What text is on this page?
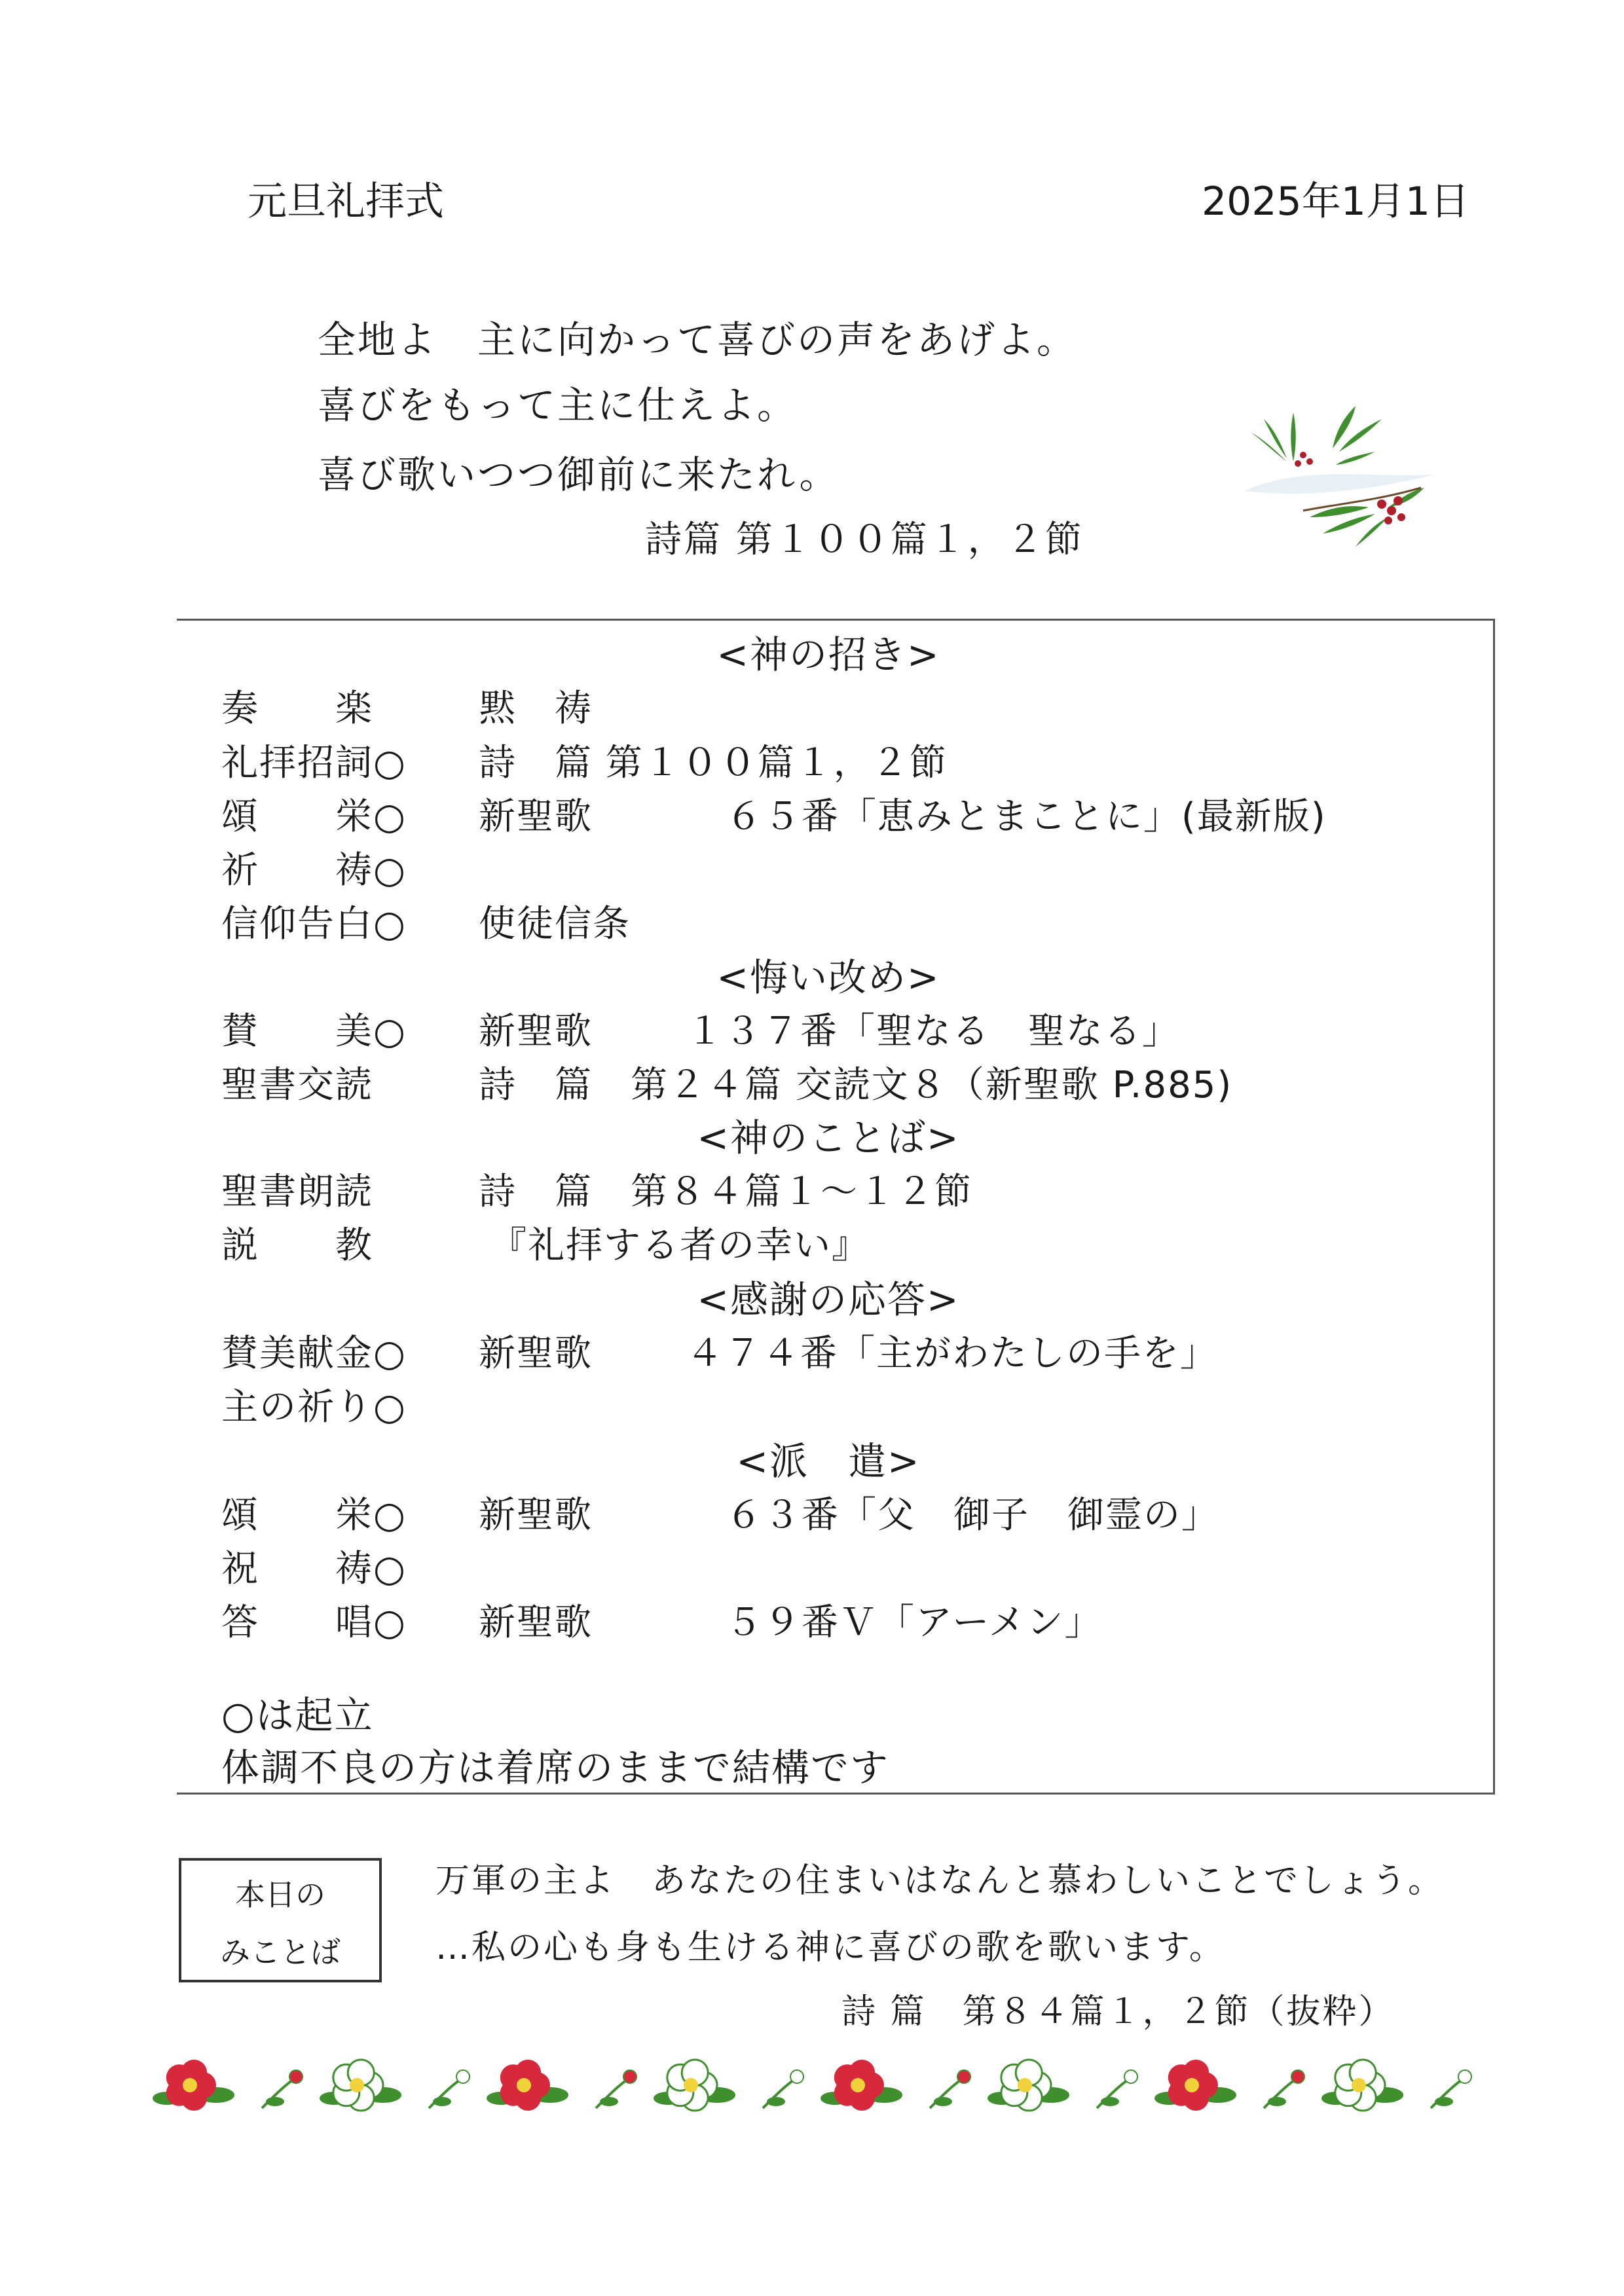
元旦礼拝式	2025年1月1日
全地よ　主に向かって喜びの声をあげよ。
喜びをもって主に仕えよ。
喜び歌いつつ御前に来たれ。
詩篇 第１００篇１，２節
<神の招き>
奏　　楽	黙　祷
礼拝招詞○ 詩　篇 第１００篇１，２節
頌　　栄○ 新聖歌	６５番「恵みとまことに」(最新版)
祈　　祷○
信仰告白○ 使徒信条
<悔い改め>
賛　　美○ 新聖歌	１３７番「聖なる　聖なる」
聖書交読	詩　篇　第２４篇 交読文８（新聖歌 P.885)
<神のことば>
聖書朗読	詩　篇　第８４篇１～１２節
説　　教	『礼拝する者の幸い』
<感謝の応答>
賛美献金○ 新聖歌	４７４番「主がわたしの手を」
主の祈り○
<派　遣>
頌　　栄○ 新聖歌	６３番「父　御子　御霊の」
祝　　祷○
答　　唱○ 新聖歌	５９番Ｖ「アーメン」
○は起立
体調不良の方は着席のままで結構です
本日の
みことば
万軍の主よ　あなたの住まいはなんと慕わしいことでしょう。
…私の心も身も生ける神に喜びの歌を歌います。
詩 篇　第８４篇１，２節（抜粋）
